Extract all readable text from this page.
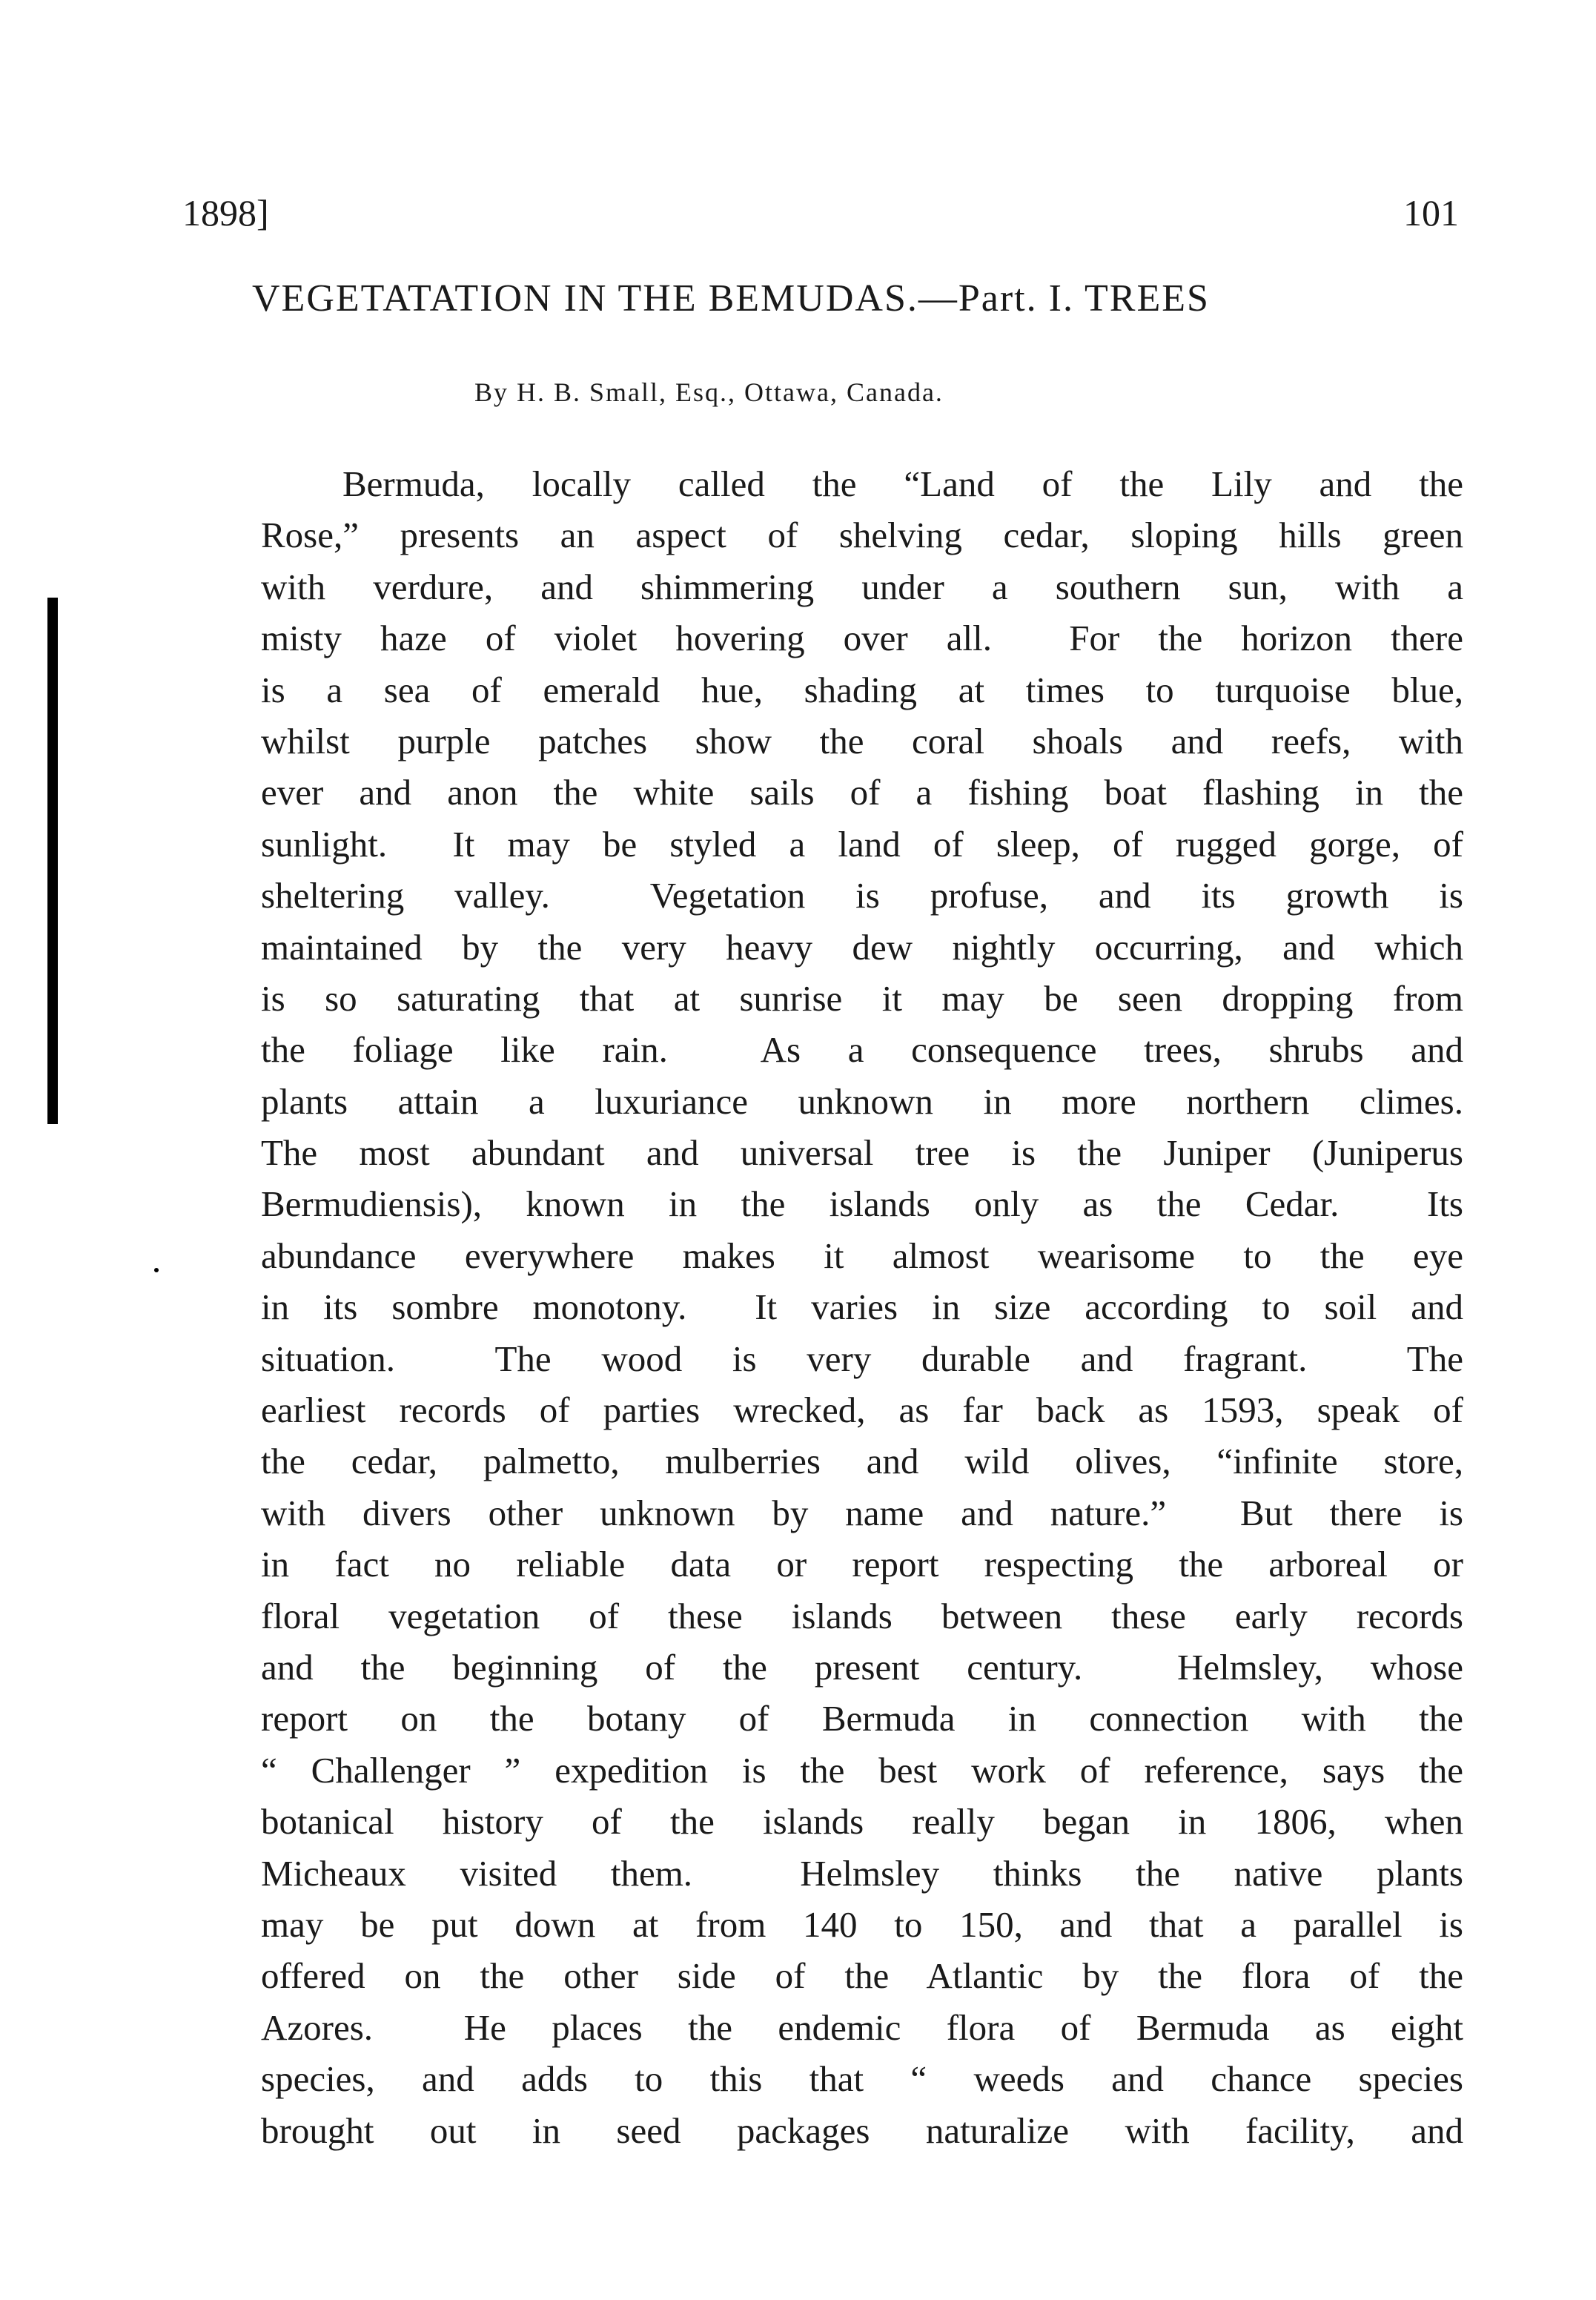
1898]	101
VEGETATATION IN THE BEMUDAS.—Part. I. TREES
By H. B. Small, Esq., Ottawa, Canada.
Bermuda, locally called the “Land of the Lily and the
Rose,” presents an aspect of shelving cedar, sloping hills green
with verdure, and shimmering under a southern sun, with a
misty haze of violet hovering over all.  For the horizon there
is a sea of emerald hue, shading at times to turquoise blue,
whilst purple patches show the coral shoals and reefs, with
ever and anon the white sails of a fishing boat flashing in the
sunlight.  It may be styled a land of sleep, of rugged gorge, of
sheltering valley.  Vegetation is profuse, and its growth is
maintained by the very heavy dew nightly occurring, and which
is so saturating that at sunrise it may be seen dropping from
the foliage like rain.  As a consequence trees, shrubs and
plants attain a luxuriance unknown in more northern climes.
The most abundant and universal tree is the Juniper (Juniperus
Bermudiensis), known in the islands only as the Cedar.  Its
abundance everywhere makes it almost wearisome to the eye
in its sombre monotony.  It varies in size according to soil and
situation.  The wood is very durable and fragrant.  The
earliest records of parties wrecked, as far back as 1593, speak of
the cedar, palmetto, mulberries and wild olives, “infinite store,
with divers other unknown by name and nature.”  But there is
in fact no reliable data or report respecting the arboreal or
floral vegetation of these islands between these early records
and the beginning of the present century.  Helmsley, whose
report on the botany of Bermuda in connection with the
“ Challenger ” expedition is the best work of reference, says the
botanical history of the islands really began in 1806, when
Micheaux visited them.  Helmsley thinks the native plants
may be put down at from 140 to 150, and that a parallel is
offered on the other side of the Atlantic by the flora of the
Azores.  He places the endemic flora of Bermuda as eight
species, and adds to this that “ weeds and chance species
brought out in seed packages naturalize with facility, and
